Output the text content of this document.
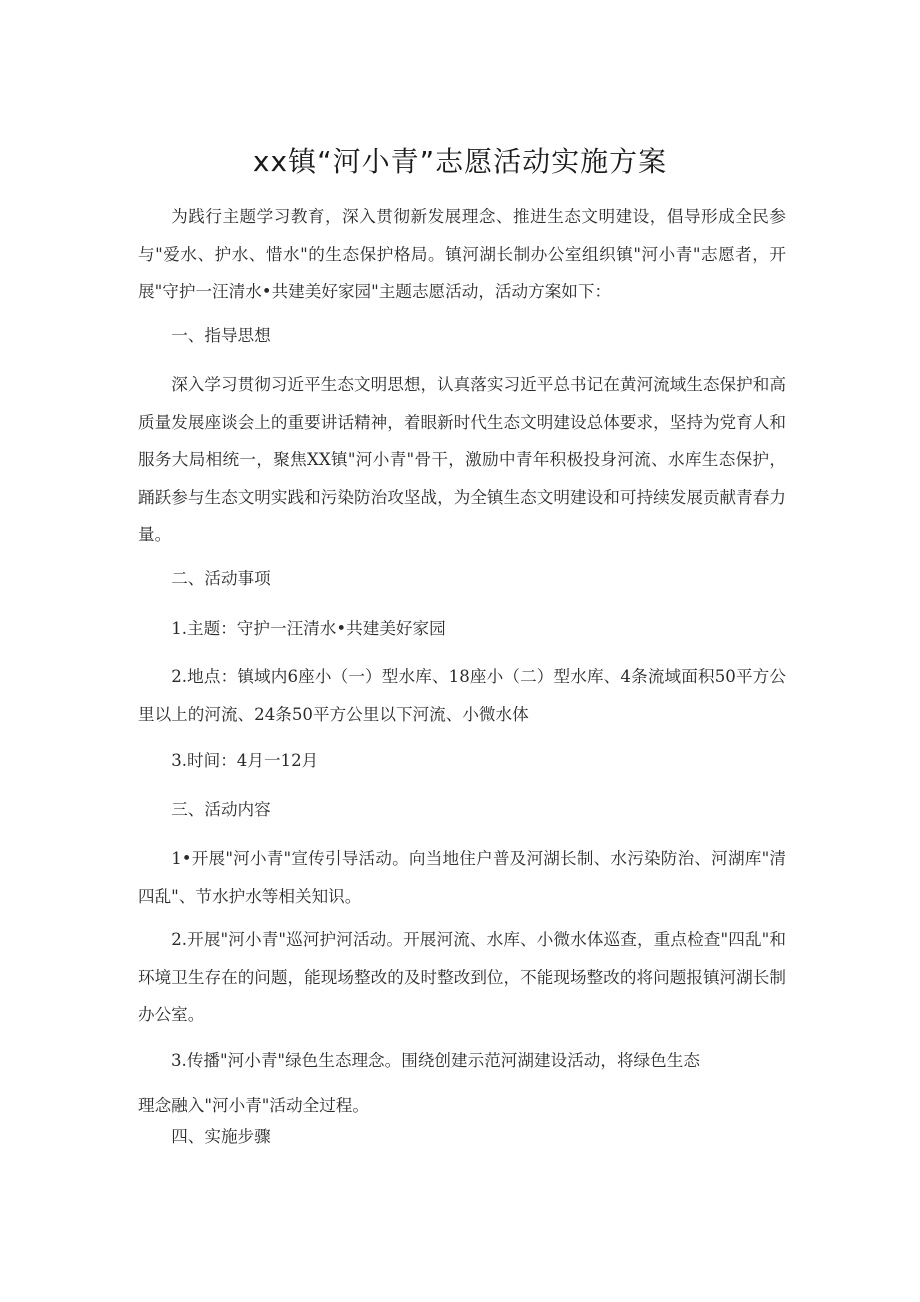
xx镇“河小青”志愿活动实施方案

为践行主题学习教育，深入贯彻新发展理念、推进生态文明建设，倡导形成全民参与"爱水、护水、惜水"的生态保护格局。镇河湖长制办公室组织镇"河小青"志愿者，开展"守护一汪清水•共建美好家园"主题志愿活动，活动方案如下：

一、指导思想

深入学习贯彻习近平生态文明思想，认真落实习近平总书记在黄河流域生态保护和高质量发展座谈会上的重要讲话精神，着眼新时代生态文明建设总体要求，坚持为党育人和服务大局相统一，聚焦XX镇"河小青"骨干，激励中青年积极投身河流、水库生态保护，踊跃参与生态文明实践和污染防治攻坚战，为全镇生态文明建设和可持续发展贡献青春力量。

二、活动事项

1.主题：守护一汪清水•共建美好家园

2.地点：镇域内6座小（一）型水库、18座小（二）型水库、4条流域面积50平方公里以上的河流、24条50平方公里以下河流、小微水体

3.时间：4月一12月

三、活动内容

1•开展"河小青"宣传引导活动。向当地住户普及河湖长制、水污染防治、河湖库"清四乱"、节水护水等相关知识。

2.开展"河小青"巡河护河活动。开展河流、水库、小微水体巡查，重点检查"四乱"和环境卫生存在的问题，能现场整改的及时整改到位，不能现场整改的将问题报镇河湖长制办公室。

3.传播"河小青"绿色生态理念。围绕创建示范河湖建设活动，将绿色生态

理念融入"河小青"活动全过程。

四、实施步骤
